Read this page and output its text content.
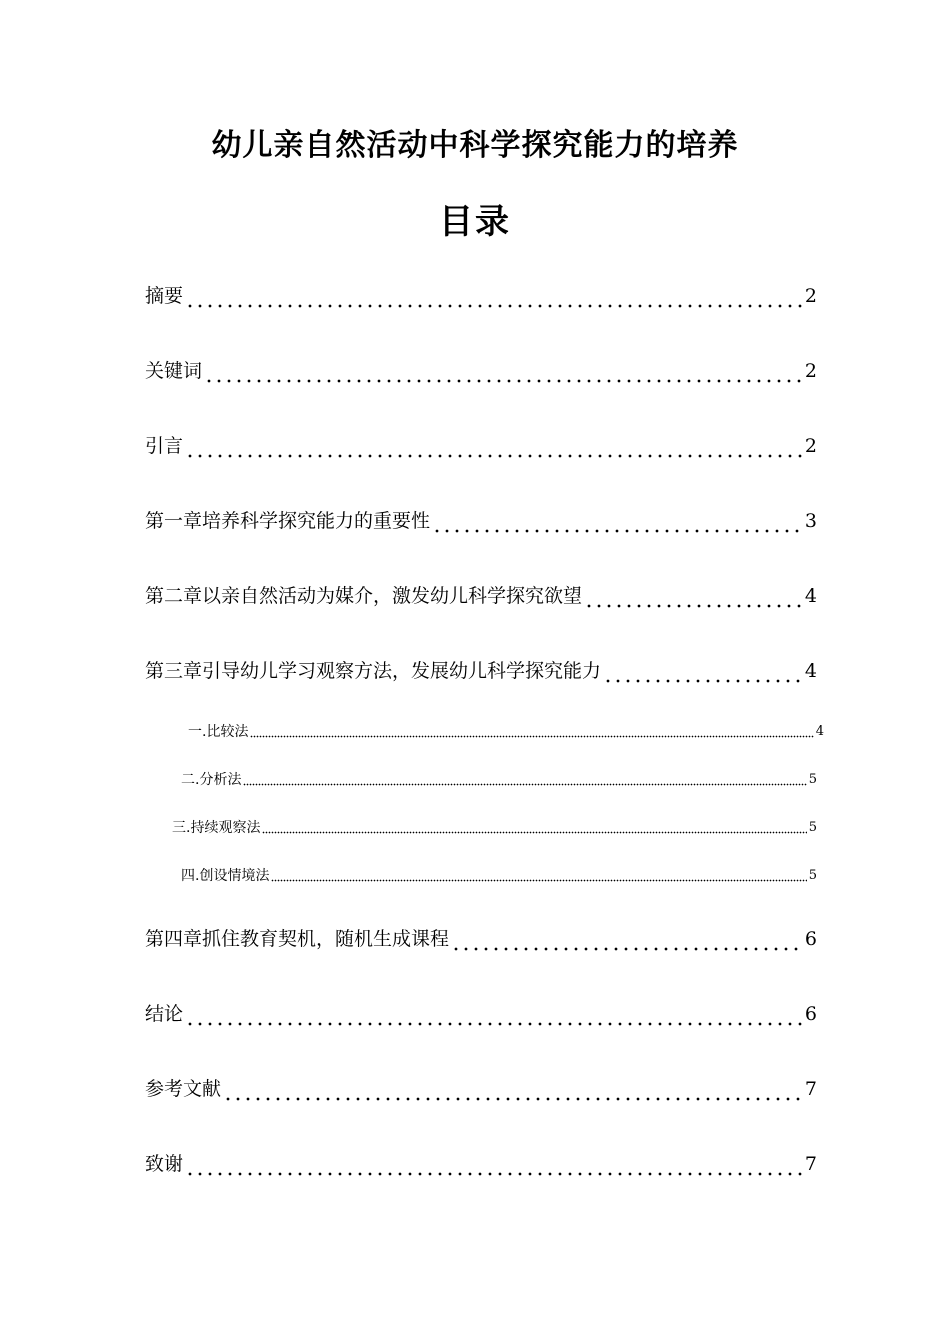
幼儿亲自然活动中科学探究能力的培养
目录
摘要	2
关键词	2
引言	2
第一章培养科学探究能力的重要性	3
第二章以亲自然活动为媒介，激发幼儿科学探究欲望	4
第三章引导幼儿学习观察方法，发展幼儿科学探究能力	4
一.比较法	4
二.分析法	5
三.持续观察法	5
四.创设情境法	5
第四章抓住教育契机，随机生成课程	6
结论	6
参考文献	7
致谢	7
